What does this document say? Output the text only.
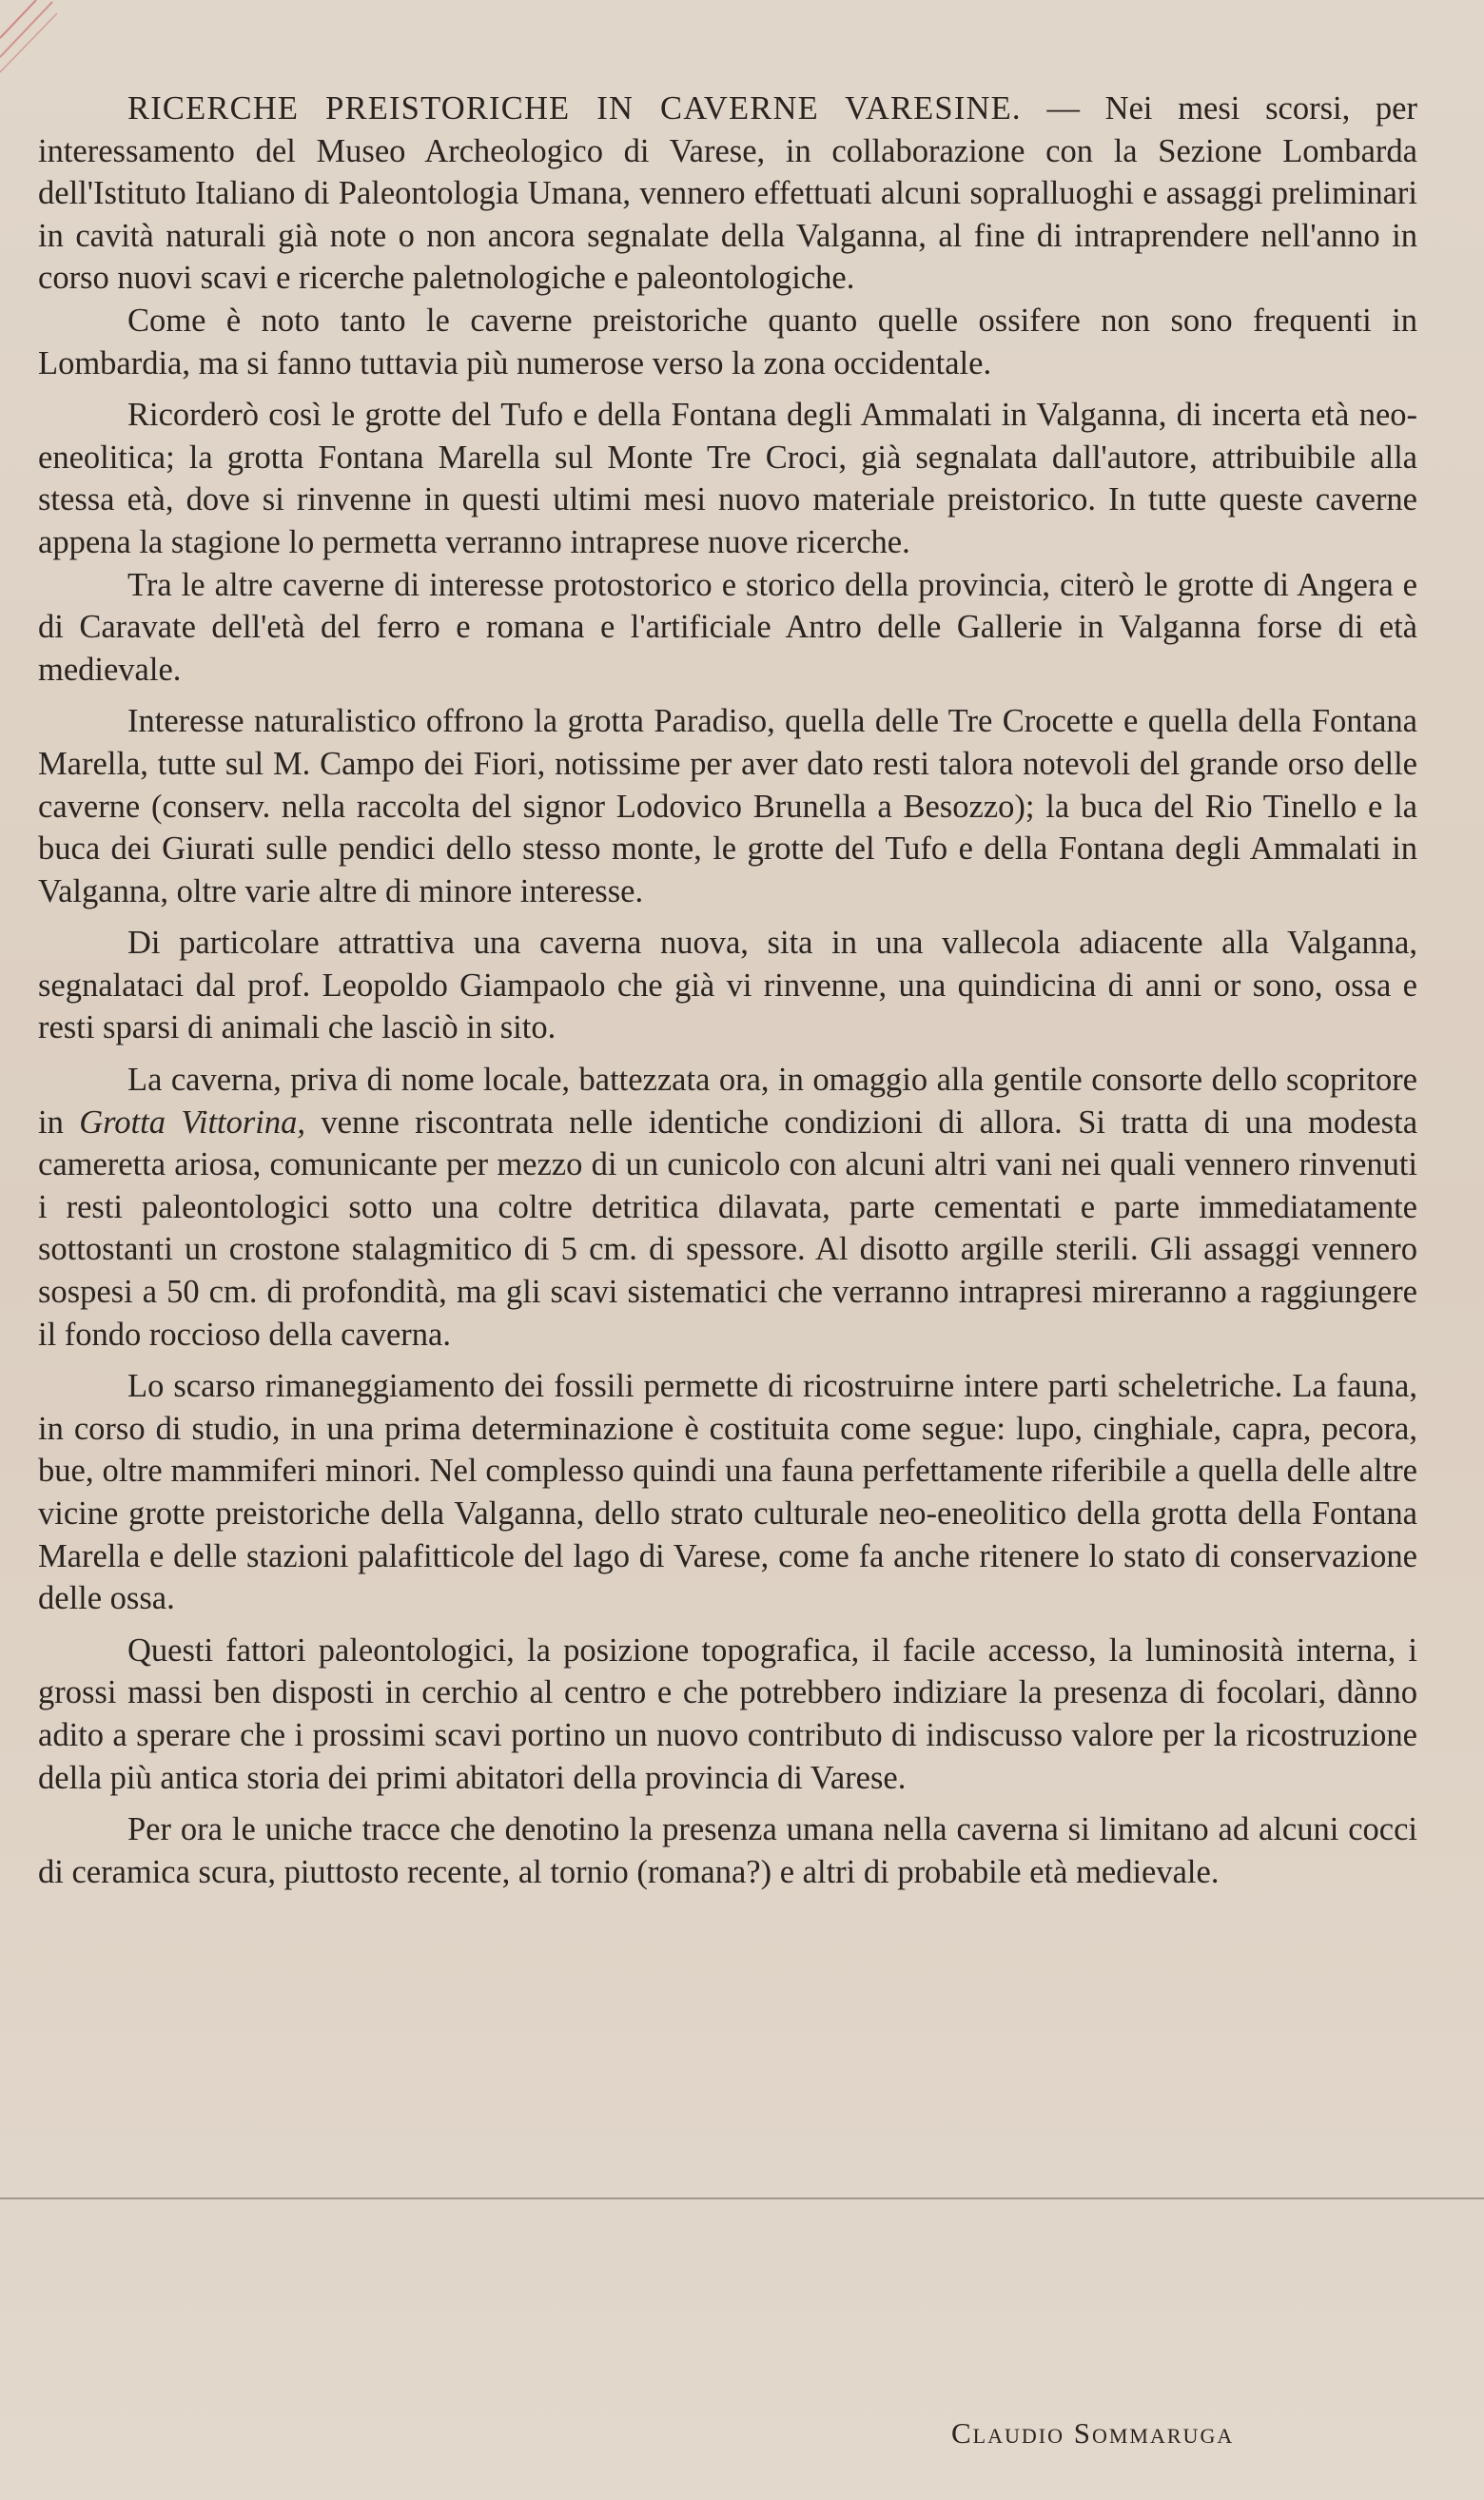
RICERCHE PREISTORICHE IN CAVERNE VARESINE. — Nei mesi scorsi, per interessamento del Museo Archeologico di Varese, in collaborazione con la Sezione Lombarda dell'Istituto Italiano di Paleontologia Umana, vennero effettuati alcuni sopralluoghi e assaggi preliminari in cavità naturali già note o non ancora segnalate della Valganna, al fine di intraprendere nell'anno in corso nuovi scavi e ricerche paletnologiche e paleontologiche.

Come è noto tanto le caverne preistoriche quanto quelle ossifere non sono frequenti in Lombardia, ma si fanno tuttavia più numerose verso la zona occidentale.

Ricorderò così le grotte del Tufo e della Fontana degli Ammalati in Valganna, di incerta età neo-eneolitica; la grotta Fontana Marella sul Monte Tre Croci, già segnalata dall'autore, attribuibile alla stessa età, dove si rinvenne in questi ultimi mesi nuovo materiale preistorico. In tutte queste caverne appena la stagione lo permetta verranno intraprese nuove ricerche.

Tra le altre caverne di interesse protostorico e storico della provincia, citerò le grotte di Angera e di Caravate dell'età del ferro e romana e l'artificiale Antro delle Gallerie in Valganna forse di età medievale.

Interesse naturalistico offrono la grotta Paradiso, quella delle Tre Crocette e quella della Fontana Marella, tutte sul M. Campo dei Fiori, notissime per aver dato resti talora notevoli del grande orso delle caverne (conserv. nella raccolta del signor Lodovico Brunella a Besozzo); la buca del Rio Tinello e la buca dei Giurati sulle pendici dello stesso monte, le grotte del Tufo e della Fontana degli Ammalati in Valganna, oltre varie altre di minore interesse.

Di particolare attrattiva una caverna nuova, sita in una vallecola adiacente alla Valganna, segnalataci dal prof. Leopoldo Giampaolo che già vi rinvenne, una quindicina di anni or sono, ossa e resti sparsi di animali che lasciò in sito.

La caverna, priva di nome locale, battezzata ora, in omaggio alla gentile consorte dello scopritore in Grotta Vittorina, venne riscontrata nelle identiche condizioni di allora. Si tratta di una modesta cameretta ariosa, comunicante per mezzo di un cunicolo con alcuni altri vani nei quali vennero rinvenuti i resti paleontologici sotto una coltre detritica dilavata, parte cementati e parte immediatamente sottostanti un crostone stalagmitico di 5 cm. di spessore. Al disotto argille sterili. Gli assaggi vennero sospesi a 50 cm. di profondità, ma gli scavi sistematici che verranno intrapresi mireranno a raggiungere il fondo roccioso della caverna.

Lo scarso rimaneggiamento dei fossili permette di ricostruirne intere parti scheletriche. La fauna, in corso di studio, in una prima determinazione è costituita come segue: lupo, cinghiale, capra, pecora, bue, oltre mammiferi minori. Nel complesso quindi una fauna perfettamente riferibile a quella delle altre vicine grotte preistoriche della Valganna, dello strato culturale neo-eneolitico della grotta della Fontana Marella e delle stazioni palafitticole del lago di Varese, come fa anche ritenere lo stato di conservazione delle ossa.

Questi fattori paleontologici, la posizione topografica, il facile accesso, la luminosità interna, i grossi massi ben disposti in cerchio al centro e che potrebbero indiziare la presenza di focolari, dànno adito a sperare che i prossimi scavi portino un nuovo contributo di indiscusso valore per la ricostruzione della più antica storia dei primi abitatori della provincia di Varese.

Per ora le uniche tracce che denotino la presenza umana nella caverna si limitano ad alcuni cocci di ceramica scura, piuttosto recente, al tornio (romana?) e altri di probabile età medievale.

Claudio Sommaruga
